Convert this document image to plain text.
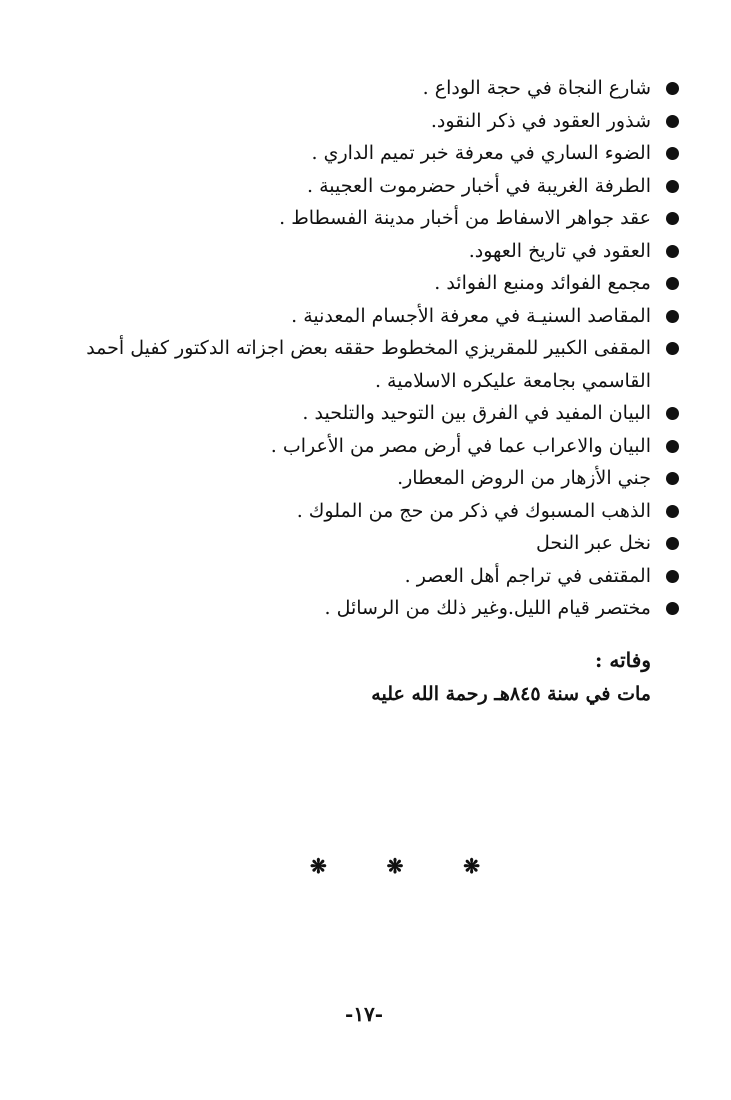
شارع النجاة في حجة الوداع .
شذور العقود في ذكر النقود.
الضوء الساري في معرفة خبر تميم الداري .
الطرفة الغريبة في أخبار حضرموت العجيبة .
عقد جواهر الاسفاط من أخبار مدينة الفسطاط .
العقود في تاريخ العهود.
مجمع الفوائد ومنبع الفوائد .
المقاصد السنيـة في معرفة الأجسام المعدنية .
المقفى الكبير للمقريزي المخطوط حققه بعض اجزاته الدكتور كفيل أحمد القاسمي بجامعة عليكره الاسلامية .
البيان المفيد في الفرق بين التوحيد والتلحيد .
البيان والاعراب عما في أرض مصر من الأعراب .
جني الأزهار من الروض المعطار.
الذهب المسبوك في ذكر من حج من الملوك .
نخل عبر النحل
المقتفى في تراجم أهل العصر .
مختصر قيام الليل.وغير ذلك من الرسائل .
وفاته :

مات في سنة ٨٤٥هـ رحمة الله عليه

❋	❋	❋
-١٧-
